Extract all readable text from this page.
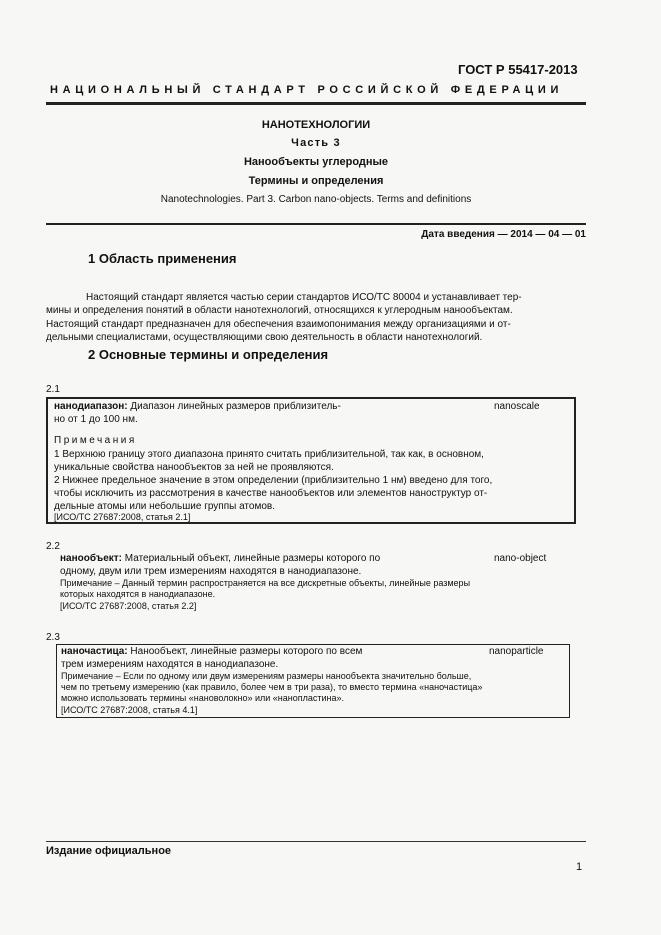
ГОСТ Р 55417-2013
НАЦИОНАЛЬНЫЙ СТАНДАРТ РОССИЙСКОЙ ФЕДЕРАЦИИ
НАНОТЕХНОЛОГИИ
Часть 3
Нанообъекты углеродные
Термины и определения
Nanotechnologies. Part 3. Carbon nano-objects. Terms and definitions
Дата введения — 2014 — 04 — 01
1 Область применения
Настоящий стандарт является частью серии стандартов ИСО/ТС 80004 и устанавливает тер-
мины и определения понятий в области нанотехнологий, относящихся к углеродным нанообъектам.
Настоящий стандарт предназначен для обеспечения взаимопонимания между организациями и от-
дельными специалистами, осуществляющими свою деятельность в области нанотехнологий.
2 Основные термины и определения
2.1
нанодиапазон: Диапазон линейных размеров приблизитель-	nanoscale
но от 1 до 100 нм.
Примечания
1 Верхнюю границу этого диапазона принято считать приблизительной, так как, в основном,
уникальные свойства нанообъектов за ней не проявляются.
2 Нижнее предельное значение в этом определении (приблизительно 1 нм) введено для того,
чтобы исключить из рассмотрения в качестве нанообъектов или элементов наноструктур от-
дельные атомы или небольшие группы атомов.
[ИСО/ТС 27687:2008, статья 2.1]
2.2
нанообъект: Материальный объект, линейные размеры которого по	nano-object
одному, двум или трем измерениям находятся в нанодиапазоне.
Примечание – Данный термин распространяется на все дискретные объекты, линейные размеры
которых находятся в нанодиапазоне.
[ИСО/ТС 27687:2008, статья 2.2]
2.3
наночастица: Нанообъект, линейные размеры которого по всем	nanoparticle
трем измерениям находятся в нанодиапазоне.
Примечание – Если по одному или двум измерениям размеры нанообъекта значительно больше,
чем по третьему измерению (как правило, более чем в три раза), то вместо термина «наночастица»
можно использовать термины «нановолокно» или «нанопластина».
[ИСО/ТС 27687:2008, статья 4.1]
Издание официальное
1
